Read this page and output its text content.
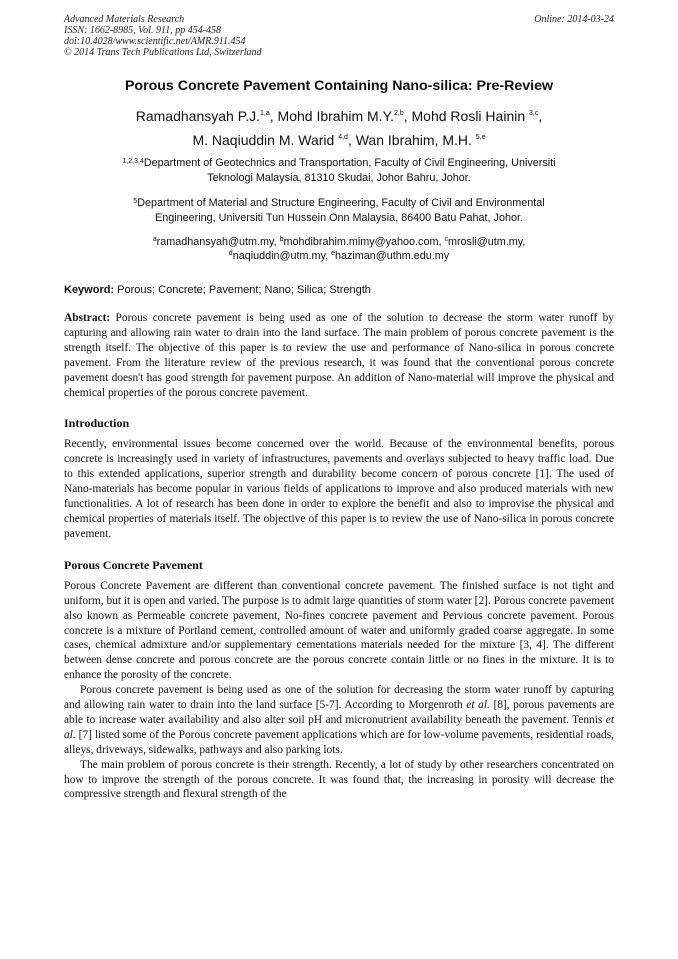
Advanced Materials Research
ISSN: 1662-8985, Vol. 911, pp 454-458
doi:10.4028/www.scientific.net/AMR.911.454
© 2014 Trans Tech Publications Ltd, Switzerland
Online: 2014-03-24
Porous Concrete Pavement Containing Nano-silica: Pre-Review
Ramadhansyah P.J.$^{1,a}$, Mohd Ibrahim M.Y.$^{2,b}$, Mohd Rosli Hainin $^{3,c}$,
M. Naqiuddin M. Warid $^{4,d}$, Wan Ibrahim, M.H. $^{5,e}$
$^{1,2,3,4}$Department of Geotechnics and Transportation, Faculty of Civil Engineering, Universiti
Teknologi Malaysia, 81310 Skudai, Johor Bahru, Johor.
$^5$Department of Material and Structure Engineering, Faculty of Civil and Environmental
Engineering, Universiti Tun Hussein Onn Malaysia, 86400 Batu Pahat, Johor.
$^a$ramadhansyah@utm.my, $^b$mohdibrahim.mimy@yahoo.com, $^c$mrosli@utm.my,
$^d$naqiuddin@utm.my, $^e$haziman@uthm.edu.my
Keyword: Porous; Concrete; Pavement; Nano; Silica; Strength
Abstract: Porous concrete pavement is being used as one of the solution to decrease the storm water runoff by capturing and allowing rain water to drain into the land surface. The main problem of porous concrete pavement is the strength itself. The objective of this paper is to review the use and performance of Nano-silica in porous concrete pavement. From the literature review of the previous research, it was found that the conventional porous concrete pavement doesn't has good strength for pavement purpose. An addition of Nano-material will improve the physical and chemical properties of the porous concrete pavement.
Introduction
Recently, environmental issues become concerned over the world. Because of the environmental benefits, porous concrete is increasingly used in variety of infrastructures, pavements and overlays subjected to heavy traffic load. Due to this extended applications, superior strength and durability become concern of porous concrete [1]. The used of Nano-materials has become popular in various fields of applications to improve and also produced materials with new functionalities. A lot of research has been done in order to explore the benefit and also to improvise the physical and chemical properties of materials itself. The objective of this paper is to review the use of Nano-silica in porous concrete pavement.
Porous Concrete Pavement
Porous Concrete Pavement are different than conventional concrete pavement. The finished surface is not tight and uniform, but it is open and varied. The purpose is to admit large quantities of storm water [2]. Porous concrete pavement also known as Permeable concrete pavement, No-fines concrete pavement and Pervious concrete pavement. Porous concrete is a mixture of Portland cement, controlled amount of water and uniformly graded coarse aggregate. In some cases, chemical admixture and/or supplementary cementations materials needed for the mixture [3, 4]. The different between dense concrete and porous concrete are the porous concrete contain little or no fines in the mixture. It is to enhance the porosity of the concrete.
Porous concrete pavement is being used as one of the solution for decreasing the storm water runoff by capturing and allowing rain water to drain into the land surface [5-7]. According to Morgenroth et al. [8], porous pavements are able to increase water availability and also alter soil pH and micronutrient availability beneath the pavement. Tennis et al. [7] listed some of the Porous concrete pavement applications which are for low-volume pavements, residential roads, alleys, driveways, sidewalks, pathways and also parking lots.
The main problem of porous concrete is their strength. Recently, a lot of study by other researchers concentrated on how to improve the strength of the porous concrete. It was found that, the increasing in porosity will decrease the compressive strength and flexural strength of the
